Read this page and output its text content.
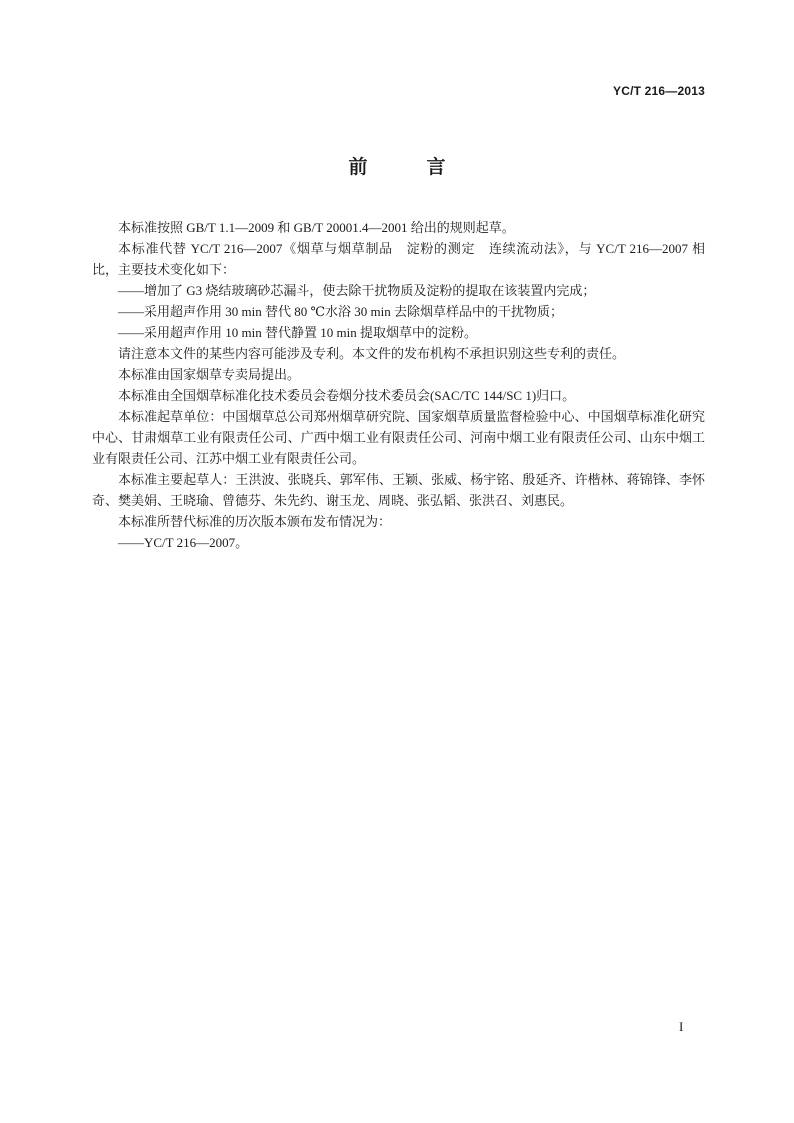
YC/T 216—2013
前　言

本标准按照 GB/T 1.1—2009 和 GB/T 20001.4—2001 给出的规则起草。

本标准代替 YC/T 216—2007《烟草与烟草制品　淀粉的测定　连续流动法》，与 YC/T 216—2007 相比，主要技术变化如下：

——增加了 G3 烧结玻璃砂芯漏斗，使去除干扰物质及淀粉的提取在该装置内完成；

——采用超声作用 30 min 替代 80 ℃水浴 30 min 去除烟草样品中的干扰物质；

——采用超声作用 10 min 替代静置 10 min 提取烟草中的淀粉。

请注意本文件的某些内容可能涉及专利。本文件的发布机构不承担识别这些专利的责任。

本标准由国家烟草专卖局提出。

本标准由全国烟草标准化技术委员会卷烟分技术委员会(SAC/TC 144/SC 1)归口。

本标准起草单位：中国烟草总公司郑州烟草研究院、国家烟草质量监督检验中心、中国烟草标准化研究中心、甘肃烟草工业有限责任公司、广西中烟工业有限责任公司、河南中烟工业有限责任公司、山东中烟工业有限责任公司、江苏中烟工业有限责任公司。

本标准主要起草人：王洪波、张晓兵、郭军伟、王颖、张威、杨宇铭、殷延齐、许楷林、蒋锦锋、李怀奇、樊美娟、王晓瑜、曾德芬、朱先约、谢玉龙、周晓、张弘韬、张洪召、刘惠民。

本标准所替代标准的历次版本颁布发布情况为：

——YC/T 216—2007。

I
